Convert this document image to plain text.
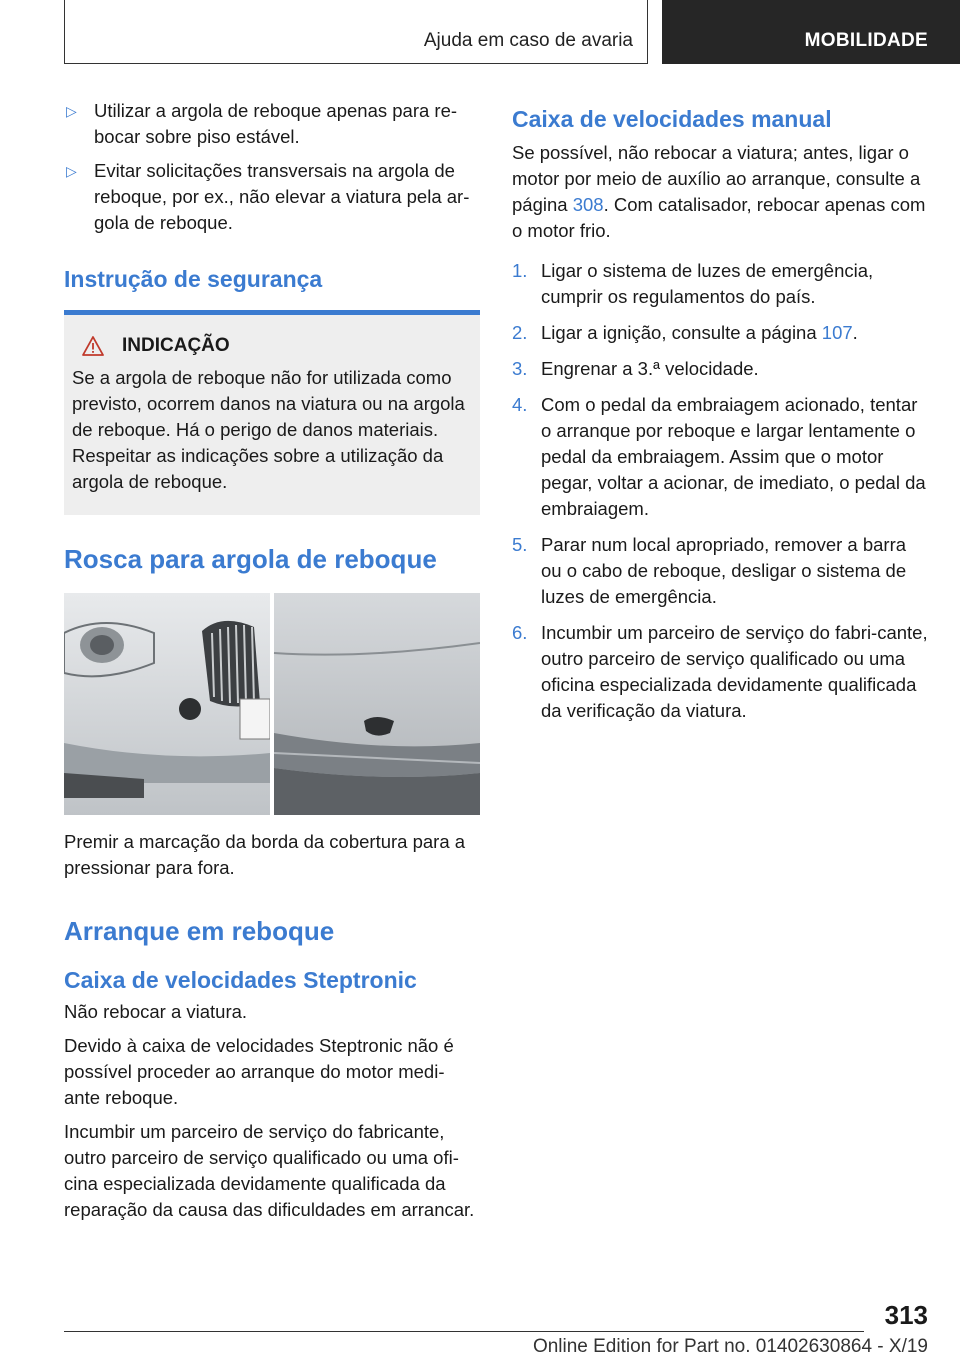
Ajuda em caso de avaria	MOBILIDADE
▷ Utilizar a argola de reboque apenas para re-bocar sobre piso estável.
▷ Evitar solicitações transversais na argola de reboque, por ex., não elevar a viatura pela ar-gola de reboque.
Instrução de segurança
INDICAÇÃO
Se a argola de reboque não for utilizada como previsto, ocorrem danos na viatura ou na argola de reboque. Há o perigo de danos materiais. Respeitar as indicações sobre a utilização da argola de reboque.
Rosca para argola de reboque

Premir a marcação da borda da cobertura para a pressionar para fora.

Arranque em reboque
Caixa de velocidades Steptronic

Não rebocar a viatura.

Devido à caixa de velocidades Steptronic não é possível proceder ao arranque do motor medi-ante reboque.

Incumbir um parceiro de serviço do fabricante, outro parceiro de serviço qualificado ou uma ofi-cina especializada devidamente qualificada da reparação da causa das dificuldades em arrancar.

Caixa de velocidades manual

Se possível, não rebocar a viatura; antes, ligar o motor por meio de auxílio ao arranque, consulte a página 308. Com catalisador, rebocar apenas com o motor frio.

1. Ligar o sistema de luzes de emergência, cumprir os regulamentos do país.
2. Ligar a ignição, consulte a página 107.
3. Engrenar a 3.ª velocidade.
4. Com o pedal da embraiagem acionado, tentar o arranque por reboque e largar lentamente o pedal da embraiagem. Assim que o motor pegar, voltar a acionar, de imediato, o pedal da embraiagem.
5. Parar num local apropriado, remover a barra ou o cabo de reboque, desligar o sistema de luzes de emergência.
6. Incumbir um parceiro de serviço do fabri-cante, outro parceiro de serviço qualificado ou uma oficina especializada devidamente qualificada da verificação da viatura.
313
Online Edition for Part no. 01402630864 - X/19
